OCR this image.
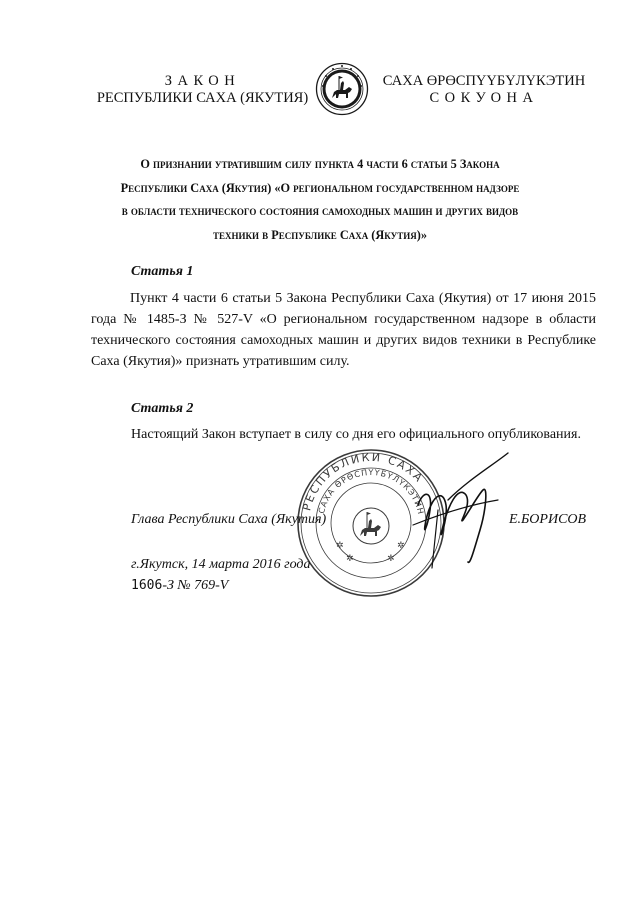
ЗАКОН
РЕСПУБЛИКИ САХА (ЯКУТИЯ)
САХА ӨРӨСПҮҮБҮЛҮКЭТИН
СОКУОНА
О признании утратившим силу пункта 4 части 6 статьи 5 Закона
Республики Саха (Якутия) «О региональном государственном надзоре
в области технического состояния самоходных машин и других видов
техники в Республике Саха (Якутия)»
Статья 1

Пункт 4 части 6 статьи 5 Закона Республики Саха (Якутия) от 17 июня 2015 года № 1485-З № 527-V «О региональном государственном надзоре в области технического состояния самоходных машин и других видов техники в Республике Саха (Якутия)» признать утратившим силу.

Статья 2

Настоящий Закон вступает в силу со дня его официального опубликования.

РЕСПУБЛИКИ САХА
САХА ӨРӨСПҮҮБҮЛҮКЭТИН
✲	✲
✲	✲
Глава Республики Саха (Якутия)	Е.БОРИСОВ
г.Якутск, 14 марта 2016 года
1606-З № 769-V
